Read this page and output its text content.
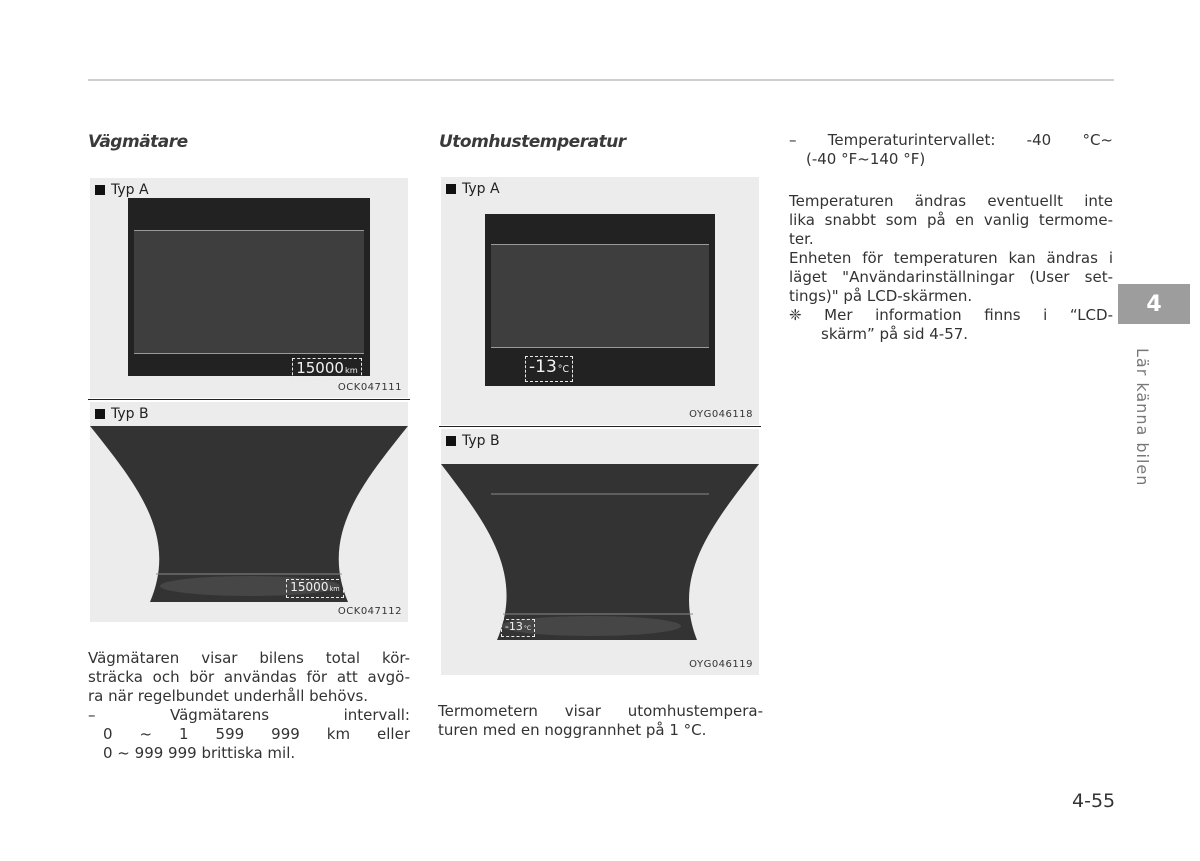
Vägmätare
Typ A
15000 km
OCK047111
Typ B
15000 km
OCK047112

Vägmätaren visar bilens total kör-

sträcka och bör användas för att avgö-

ra när regelbundet underhåll behövs.

– Vägmätarens intervall:

0 ~ 1 599 999 km eller

0 ~ 999 999 brittiska mil.

Utomhustemperatur
Typ A
-13 °C
OYG046118
Typ B
-13 °C
OYG046119

Termometern visar utomhustempera-

turen med en noggrannhet på 1 °C.

– Temperaturintervallet: -40 °C~

(-40 °F~140 °F)

Temperaturen ändras eventuellt inte

lika snabbt som på en vanlig termome-

ter.

Enheten för temperaturen kan ändras i

läget "Användarinställningar (User set-

tings)" på LCD-skärmen.

❈ Mer information finns i “LCD-

skärm” på sid 4-57.

4
Lär känna bilen
4-55
